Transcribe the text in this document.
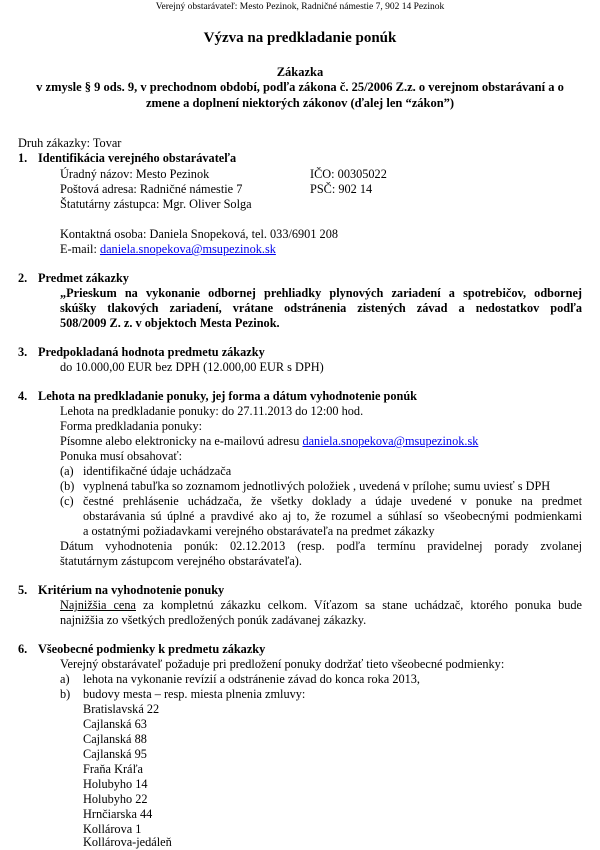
Verejný obstarávateľ: Mesto Pezinok, Radničné námestie 7, 902 14 Pezinok
Výzva na predkladanie ponúk
Zákazka
v zmysle § 9 ods. 9, v prechodnom období, podľa zákona č. 25/2006 Z.z. o verejnom obstarávaní a o zmene a doplnení niektorých zákonov (ďalej len “zákon”)
Druh zákazky: Tovar
1. Identifikácia verejného obstarávateľa
Úradný názov: Mesto Pezinok	IČO: 00305022
Poštová adresa: Radničné námestie 7	PSČ: 902 14
Štatutárny zástupca: Mgr. Oliver Solga
Kontaktná osoba: Daniela Snopeková, tel. 033/6901 208
E-mail: daniela.snopekova@msupezinok.sk
2. Predmet zákazky
„Prieskum na vykonanie odbornej prehliadky plynových zariadení a spotrebičov, odbornej
skúšky tlakových zariadení, vrátane odstránenia zistených závad a nedostatkov podľa
508/2009 Z. z. v objektoch Mesta Pezinok.
3. Predpokladaná hodnota predmetu zákazky
do 10.000,00 EUR bez DPH (12.000,00 EUR s DPH)
4. Lehota na predkladanie ponuky, jej forma a dátum vyhodnotenie ponúk
Lehota na predkladanie ponuky: do 27.11.2013 do 12:00 hod.
Forma predkladania ponuky:
Písomne alebo elektronicky na e-mailovú adresu daniela.snopekova@msupezinok.sk
Ponuka musí obsahovať:
(a) identifikačné údaje uchádzača
(b) vyplnená tabuľka so zoznamom jednotlivých položiek , uvedená v prílohe; sumu uviesť s DPH
(c) čestné prehlásenie uchádzača, že všetky doklady a údaje uvedené v ponuke na predmet
obstarávania sú úplné a pravdivé ako aj to, že rozumel a súhlasí so všeobecnými podmienkami
a ostatnými požiadavkami verejného obstarávateľa na predmet zákazky
Dátum vyhodnotenia ponúk: 02.12.2013 (resp. podľa termínu pravidelnej porady zvolanej
štatutárnym zástupcom verejného obstarávateľa).
5. Kritérium na vyhodnotenie ponuky
Najnižšia cena za kompletnú zákazku celkom. Víťazom sa stane uchádzač, ktorého ponuka bude
najnižšia zo všetkých predložených ponúk zadávanej zákazky.
6. Všeobecné podmienky k predmetu zákazky
Verejný obstarávateľ požaduje pri predložení ponuky dodržať tieto všeobecné podmienky:
a) lehota na vykonanie revízií a odstránenie závad do konca roka 2013,
b) budovy mesta – resp. miesta plnenia zmluvy:
Bratislavská 22
Cajlanská 63
Cajlanská 88
Cajlanská 95
Fraňa Kráľa
Holubyho 14
Holubyho 22
Hrnčiarska 44
Kollárova 1
Kollárova-jedáleň
